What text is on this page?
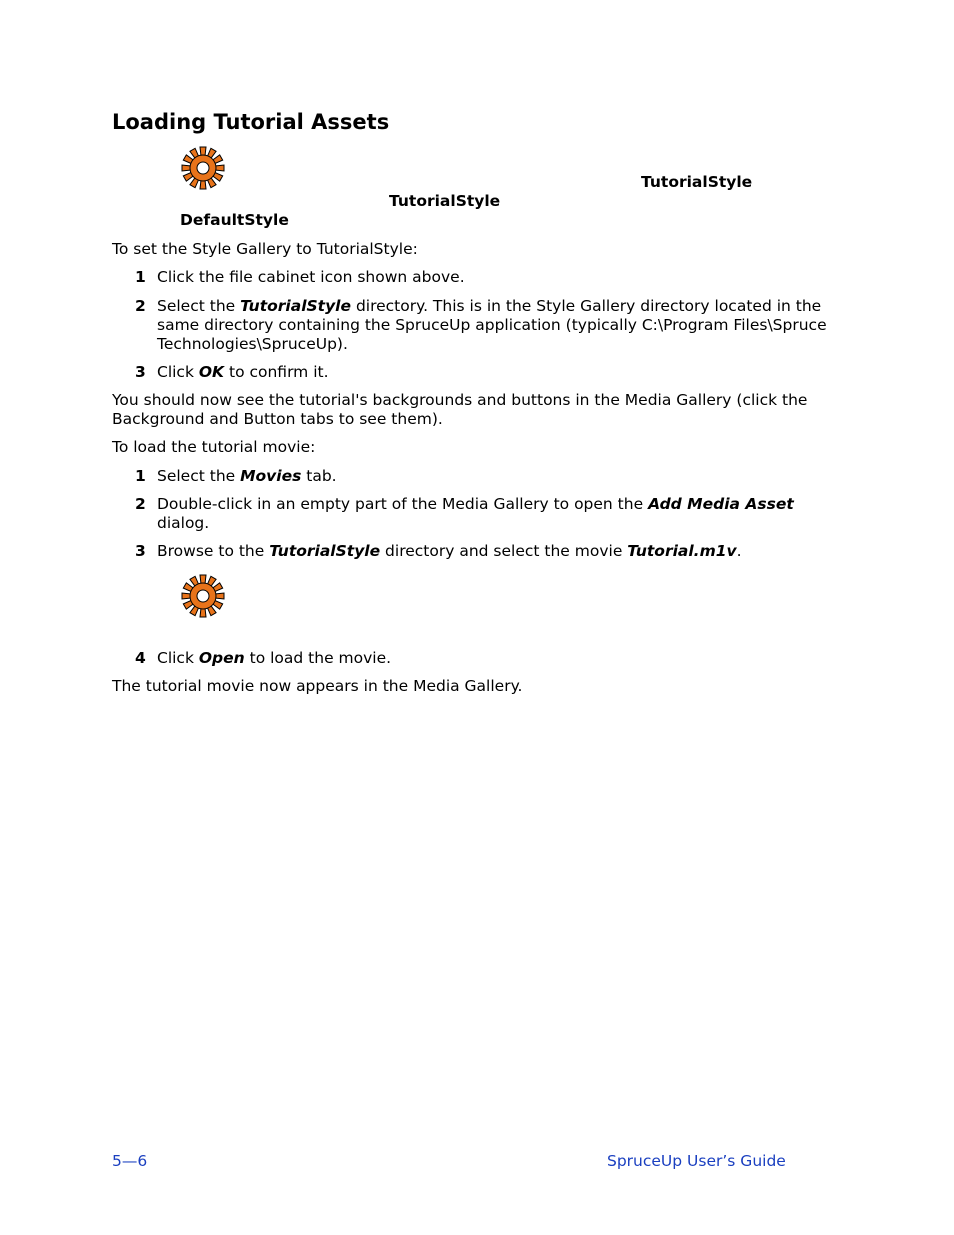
Loading Tutorial Assets
TutorialStyle
TutorialStyle
DefaultStyle
To set the Style Gallery to TutorialStyle:
1 Click the file cabinet icon shown above.
2 Select the TutorialStyle directory. This is in the Style Gallery directory located in the
same directory containing the SpruceUp application (typically C:\Program Files\Spruce
Technologies\SpruceUp).
3 Click OK to confirm it.
You should now see the tutorial's backgrounds and buttons in the Media Gallery (click the
Background and Button tabs to see them).
To load the tutorial movie:
1 Select the Movies tab.
2 Double-click in an empty part of the Media Gallery to open the Add Media Asset
dialog.
3 Browse to the TutorialStyle directory and select the movie Tutorial.m1v.
4 Click Open to load the movie.
The tutorial movie now appears in the Media Gallery.
5—6	SpruceUp User’s Guide
